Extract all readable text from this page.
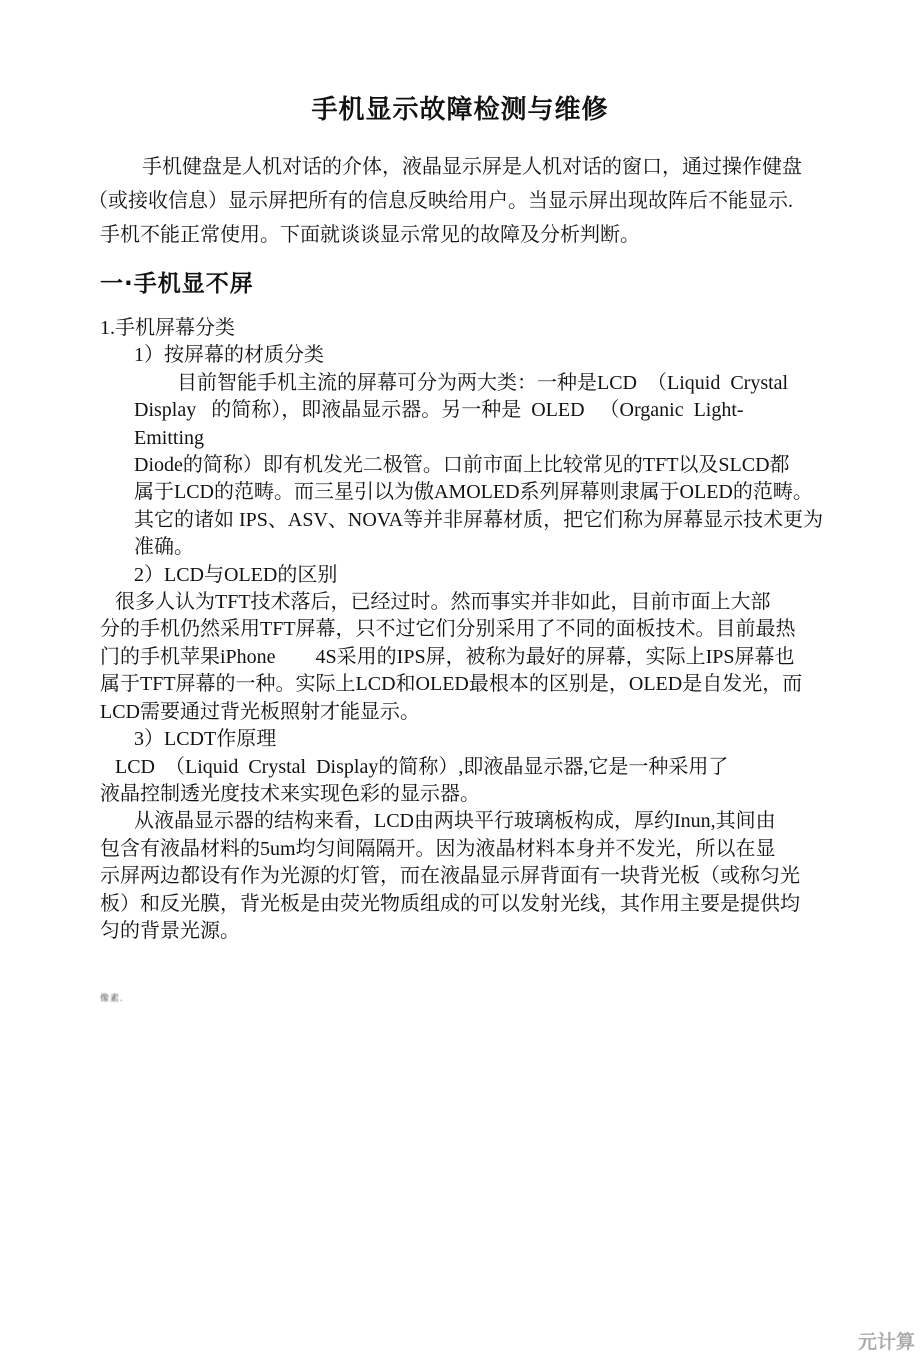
手机显示故障检测与维修
手机健盘是人机对话的介体，液晶显示屏是人机对话的窗口，通过操作健盘
（或接收信息）显示屏把所有的信息反映给用户。当显示屏出现故阵后不能显示.
手机不能正常使用。下面就谈谈显示常见的故障及分析判断。
一·手机显不屏
1.手机屏幕分类
1）按屏幕的材质分类
目前智能手机主流的屏幕可分为两大类：一种是LCD  （Liquid  Crystal
Display   的简称），即液晶显示器。另一种是  OLED   （Organic  Light-
Emitting
Diode的简称）即有机发光二极管。口前市面上比较常见的TFT以及SLCD都
属于LCD的范畴。而三星引以为傲AMOLED系列屏幕则隶属于OLED的范畴。
其它的诸如 IPS、ASV、NOVA等并非屏幕材质，把它们称为屏幕显示技术更为
准确。
2）LCD与OLED的区别
很多人认为TFT技术落后，已经过时。然而事实并非如此，目前市面上大部
分的手机仍然采用TFT屏幕，只不过它们分别采用了不同的面板技术。目前最热
门的手机苹果iPhone        4S采用的IPS屏，被称为最好的屏幕，实际上IPS屏幕也
属于TFT屏幕的一种。实际上LCD和OLED最根本的区别是，OLED是自发光，而
LCD需要通过背光板照射才能显示。
3）LCDT作原理
LCD  （Liquid  Crystal  Display的简称）,即液晶显示器,它是一种采用了
液晶控制透光度技术来实现色彩的显示器。
从液晶显示器的结构来看，LCD由两块平行玻璃板构成，厚约Inun,其间由
包含有液晶材料的5um均匀间隔隔开。因为液晶材料本身并不发光，所以在显
示屏两边都设有作为光源的灯管，而在液晶显示屏背面有一块背光板（或称匀光
板）和反光膜，背光板是由荧光物质组成的可以发射光线，其作用主要是提供均
匀的背景光源。
像素.
元计算
